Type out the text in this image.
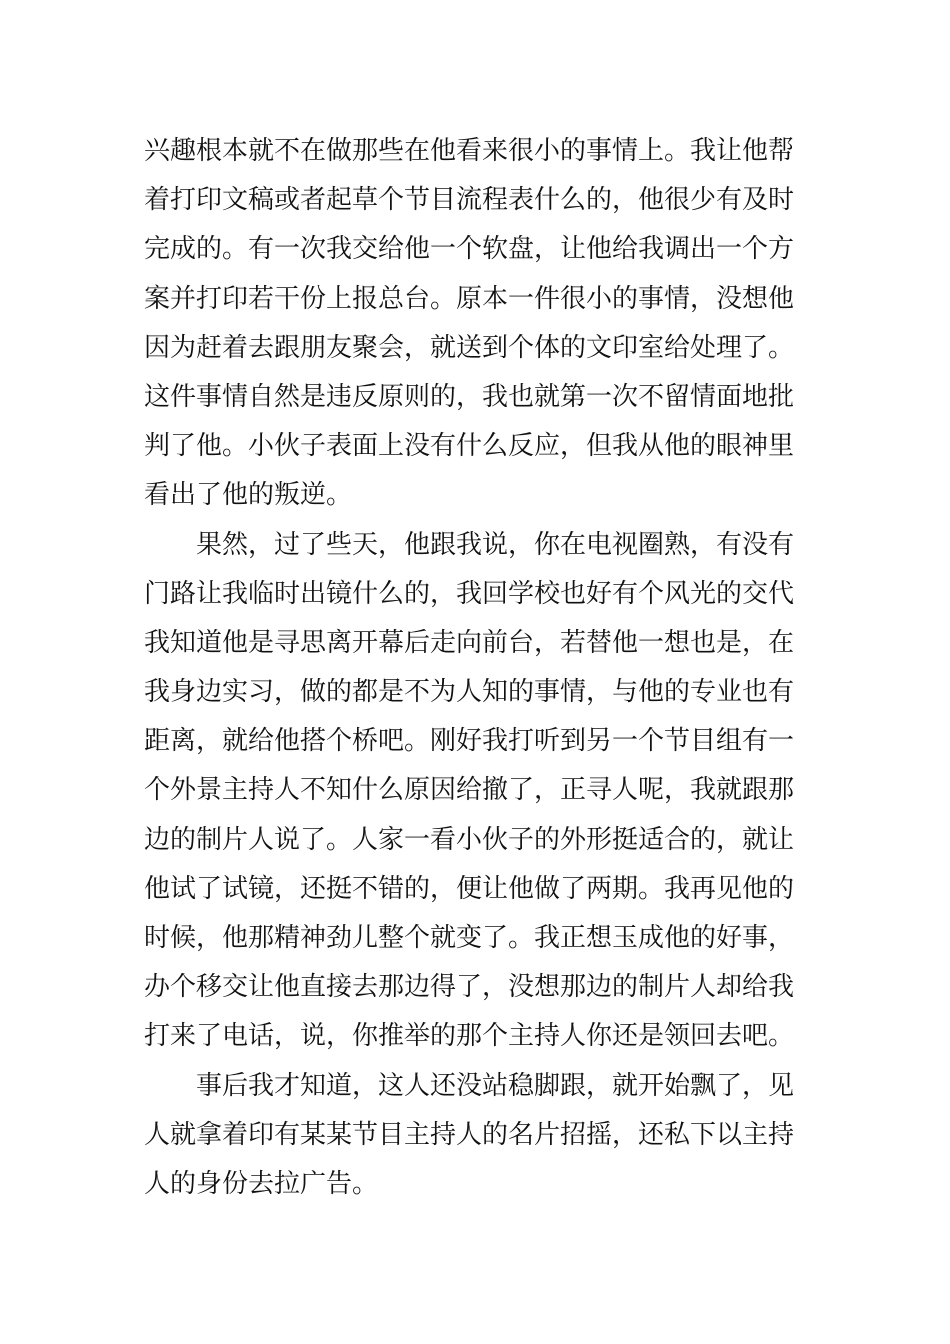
兴趣根本就不在做那些在他看来很小的事情上。我让他帮
着打印文稿或者起草个节目流程表什么的，他很少有及时
完成的。有一次我交给他一个软盘，让他给我调出一个方
案并打印若干份上报总台。原本一件很小的事情，没想他
因为赶着去跟朋友聚会，就送到个体的文印室给处理了。
这件事情自然是违反原则的，我也就第一次不留情面地批
判了他。小伙子表面上没有什么反应，但我从他的眼神里
看出了他的叛逆。
果然，过了些天，他跟我说，你在电视圈熟，有没有
门路让我临时出镜什么的，我回学校也好有个风光的交代
我知道他是寻思离开幕后走向前台，若替他一想也是，在
我身边实习，做的都是不为人知的事情，与他的专业也有
距离，就给他搭个桥吧。刚好我打听到另一个节目组有一
个外景主持人不知什么原因给撤了，正寻人呢，我就跟那
边的制片人说了。人家一看小伙子的外形挺适合的，就让
他试了试镜，还挺不错的，便让他做了两期。我再见他的
时候，他那精神劲儿整个就变了。我正想玉成他的好事，
办个移交让他直接去那边得了，没想那边的制片人却给我
打来了电话，说，你推举的那个主持人你还是领回去吧。
事后我才知道，这人还没站稳脚跟，就开始飘了，见
人就拿着印有某某节目主持人的名片招摇，还私下以主持
人的身份去拉广告。
